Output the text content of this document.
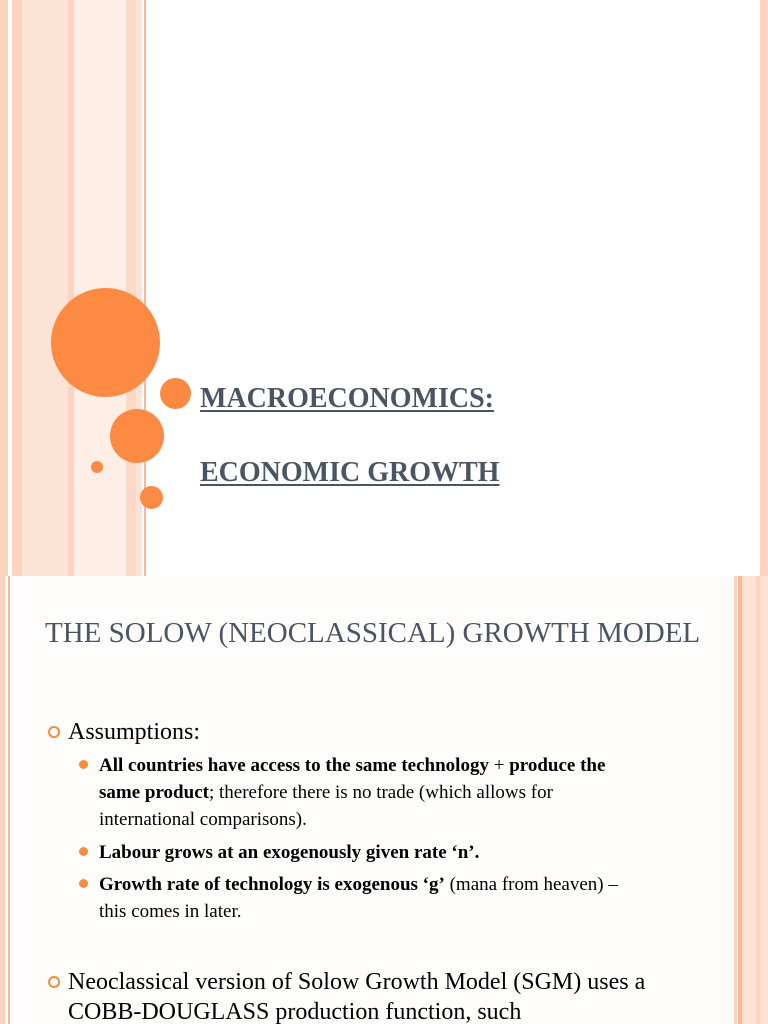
MACROECONOMICS:

ECONOMIC GROWTH

THE SOLOW (NEOCLASSICAL) GROWTH MODEL
Assumptions:
All countries have access to the same technology + produce the same product; therefore there is no trade (which allows for international comparisons).
Labour grows at an exogenously given rate ‘n’.
Growth rate of technology is exogenous ‘g’ (mana from heaven) – this comes in later.
Neoclassical version of Solow Growth Model (SGM) uses a COBB-DOUGLASS production function, such
